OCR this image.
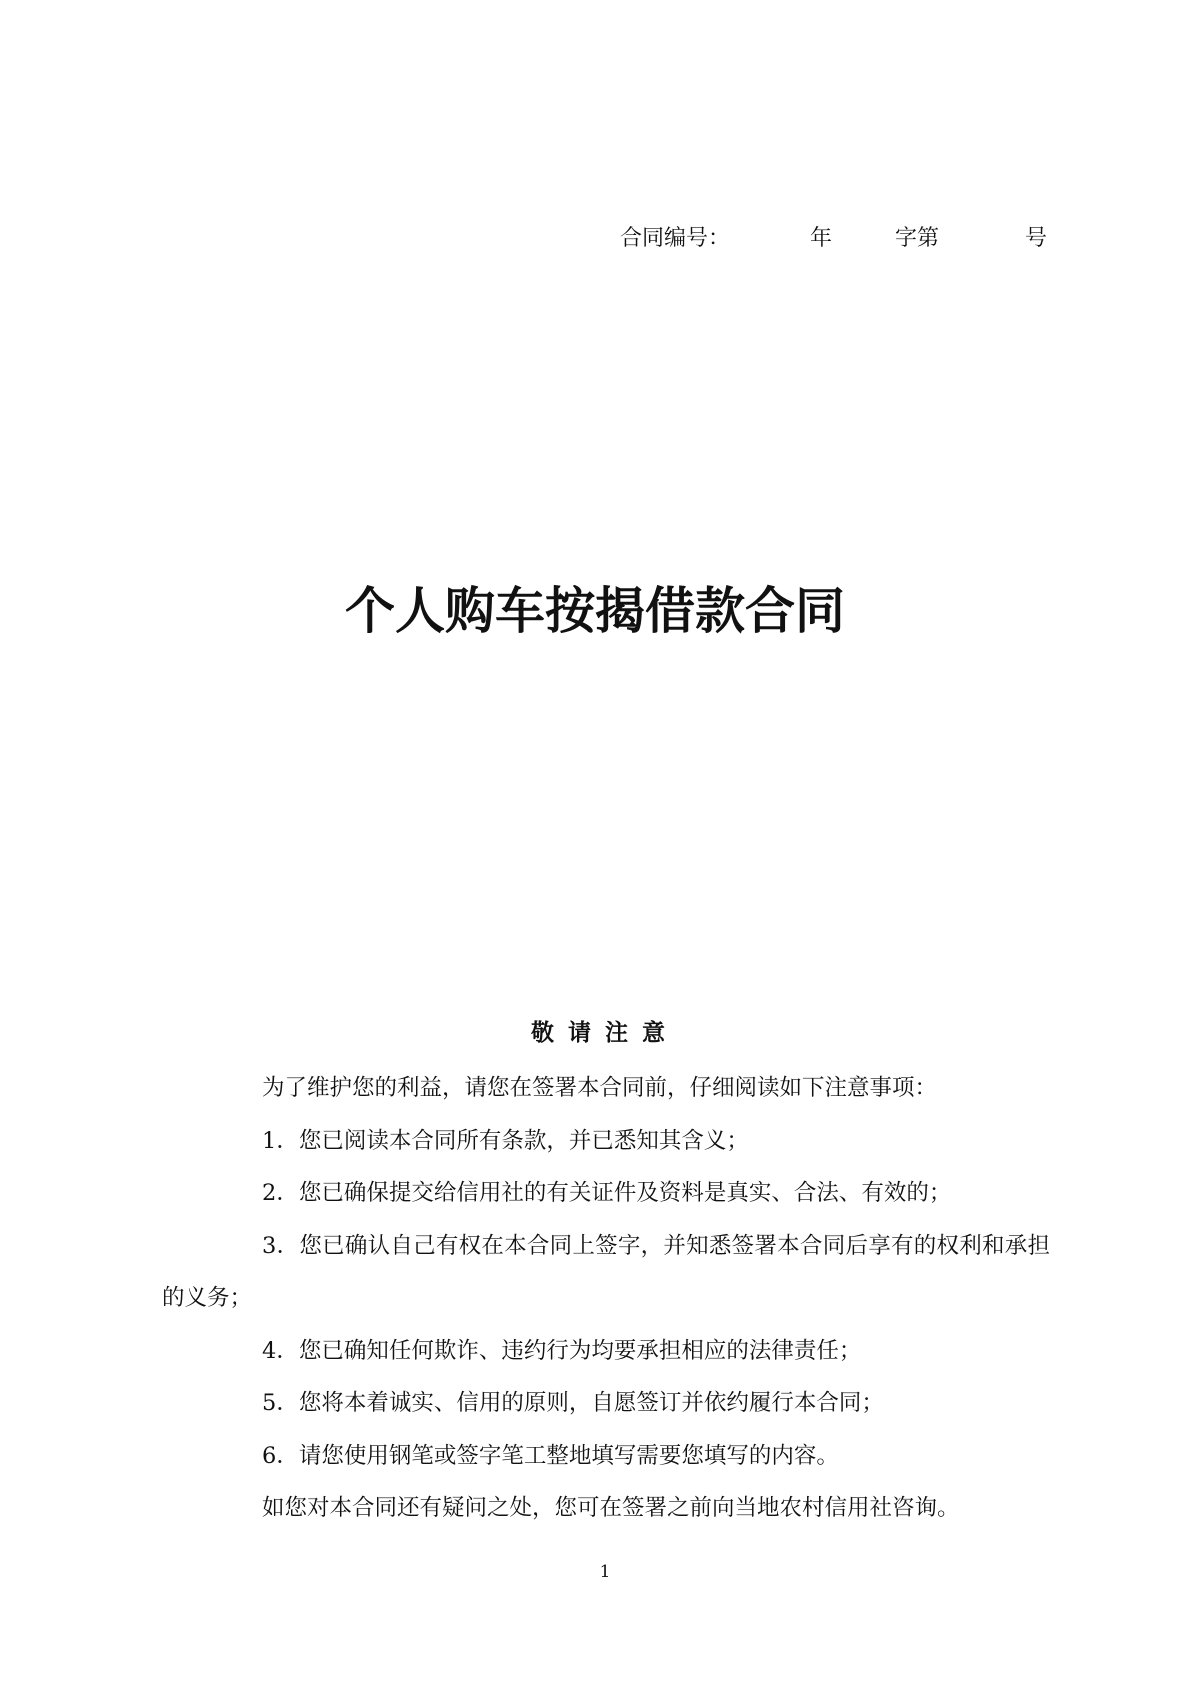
合同编号：	年	字第	号
个人购车按揭借款合同
敬请注意

为了维护您的利益，请您在签署本合同前，仔细阅读如下注意事项：

1．您已阅读本合同所有条款，并已悉知其含义；

2．您已确保提交给信用社的有关证件及资料是真实、合法、有效的；

3．您已确认自己有权在本合同上签字，并知悉签署本合同后享有的权利和承担的义务；

4．您已确知任何欺诈、违约行为均要承担相应的法律责任；

5．您将本着诚实、信用的原则，自愿签订并依约履行本合同；

6．请您使用钢笔或签字笔工整地填写需要您填写的内容。

如您对本合同还有疑问之处，您可在签署之前向当地农村信用社咨询。

1
